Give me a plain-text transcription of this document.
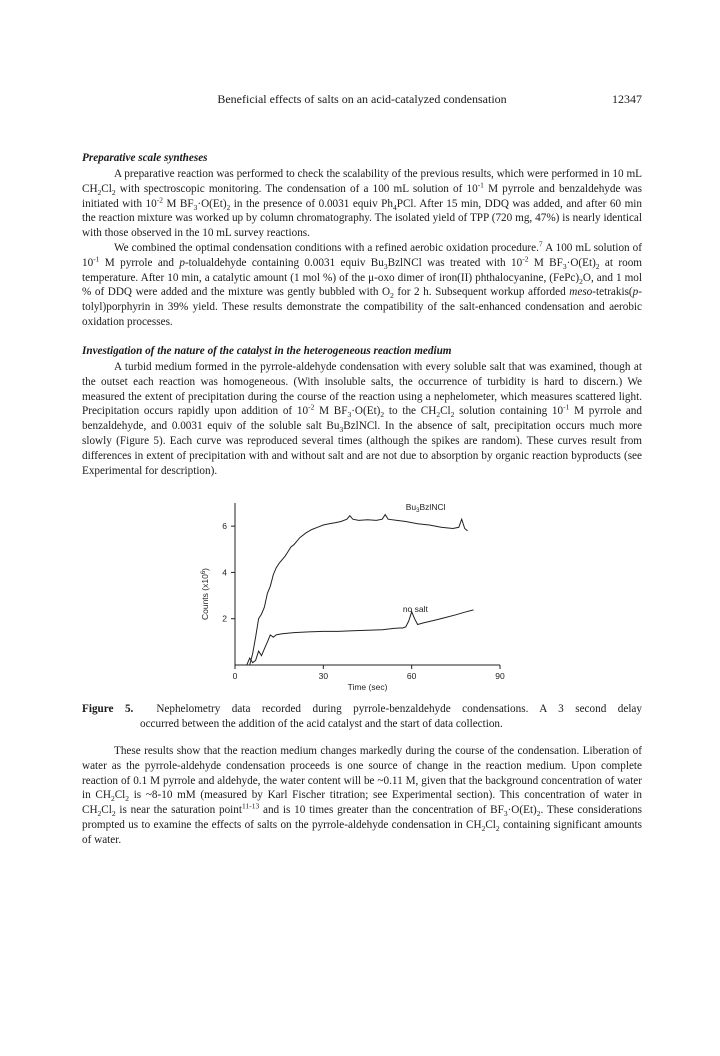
Beneficial effects of salts on an acid-catalyzed condensation	12347
Preparative scale syntheses

A preparative reaction was performed to check the scalability of the previous results, which were performed in 10 mL $CH_2Cl_2$ with spectroscopic monitoring. The condensation of a 100 mL solution of $10^{-1}$ M pyrrole and benzaldehyde was initiated with $10^{-2}$ M $BF_3\cdot O(Et)_2$ in the presence of 0.0031 equiv $Ph_4PCl$. After 15 min, DDQ was added, and after 60 min the reaction mixture was worked up by column chromatography. The isolated yield of TPP (720 mg, 47%) is nearly identical with those observed in the 10 mL survey reactions.

We combined the optimal condensation conditions with a refined aerobic oxidation procedure.$^7$ A 100 mL solution of $10^{-1}$ M pyrrole and p-tolualdehyde containing 0.0031 equiv $Bu_3BzlNCl$ was treated with $10^{-2}$ M $BF_3\cdot O(Et)_2$ at room temperature. After 10 min, a catalytic amount (1 mol %) of the μ-oxo dimer of iron(II) phthalocyanine, $(FePc)_2O$, and 1 mol % of DDQ were added and the mixture was gently bubbled with $O_2$ for 2 h. Subsequent workup afforded meso-tetrakis(p-tolyl)porphyrin in 39% yield. These results demonstrate the compatibility of the salt-enhanced condensation and aerobic oxidation processes.

Investigation of the nature of the catalyst in the heterogeneous reaction medium

A turbid medium formed in the pyrrole-aldehyde condensation with every soluble salt that was examined, though at the outset each reaction was homogeneous. (With insoluble salts, the occurrence of turbidity is hard to discern.) We measured the extent of precipitation during the course of the reaction using a nephelometer, which measures scattered light. Precipitation occurs rapidly upon addition of $10^{-2}$ M $BF_3\cdot O(Et)_2$ to the $CH_2Cl_2$ solution containing $10^{-1}$ M pyrrole and benzaldehyde, and 0.0031 equiv of the soluble salt $Bu_3BzlNCl$. In the absence of salt, precipitation occurs much more slowly (Figure 5). Each curve was reproduced several times (although the spikes are random). These curves result from differences in extent of precipitation with and without salt and are not due to absorption by organic reaction byproducts (see Experimental for description).

0	30	60	90
2
4
6
Time (sec)
Counts $(x10^6)$
$Bu_3BzlNCl$
no salt

Figure 5. Nephelometry data recorded during pyrrole-benzaldehyde condensations. A 3 second delay
occurred between the addition of the acid catalyst and the start of data collection.

These results show that the reaction medium changes markedly during the course of the condensation. Liberation of water as the pyrrole-aldehyde condensation proceeds is one source of change in the reaction medium. Upon complete reaction of 0.1 M pyrrole and aldehyde, the water content will be ~0.11 M, given that the background concentration of water in $CH_2Cl_2$ is ~8-10 mM (measured by Karl Fischer titration; see Experimental section). This concentration of water in $CH_2Cl_2$ is near the saturation point$^{11-13}$ and is 10 times greater than the concentration of $BF_3\cdot O(Et)_2$. These considerations prompted us to examine the effects of salts on the pyrrole-aldehyde condensation in $CH_2Cl_2$ containing significant amounts of water.
